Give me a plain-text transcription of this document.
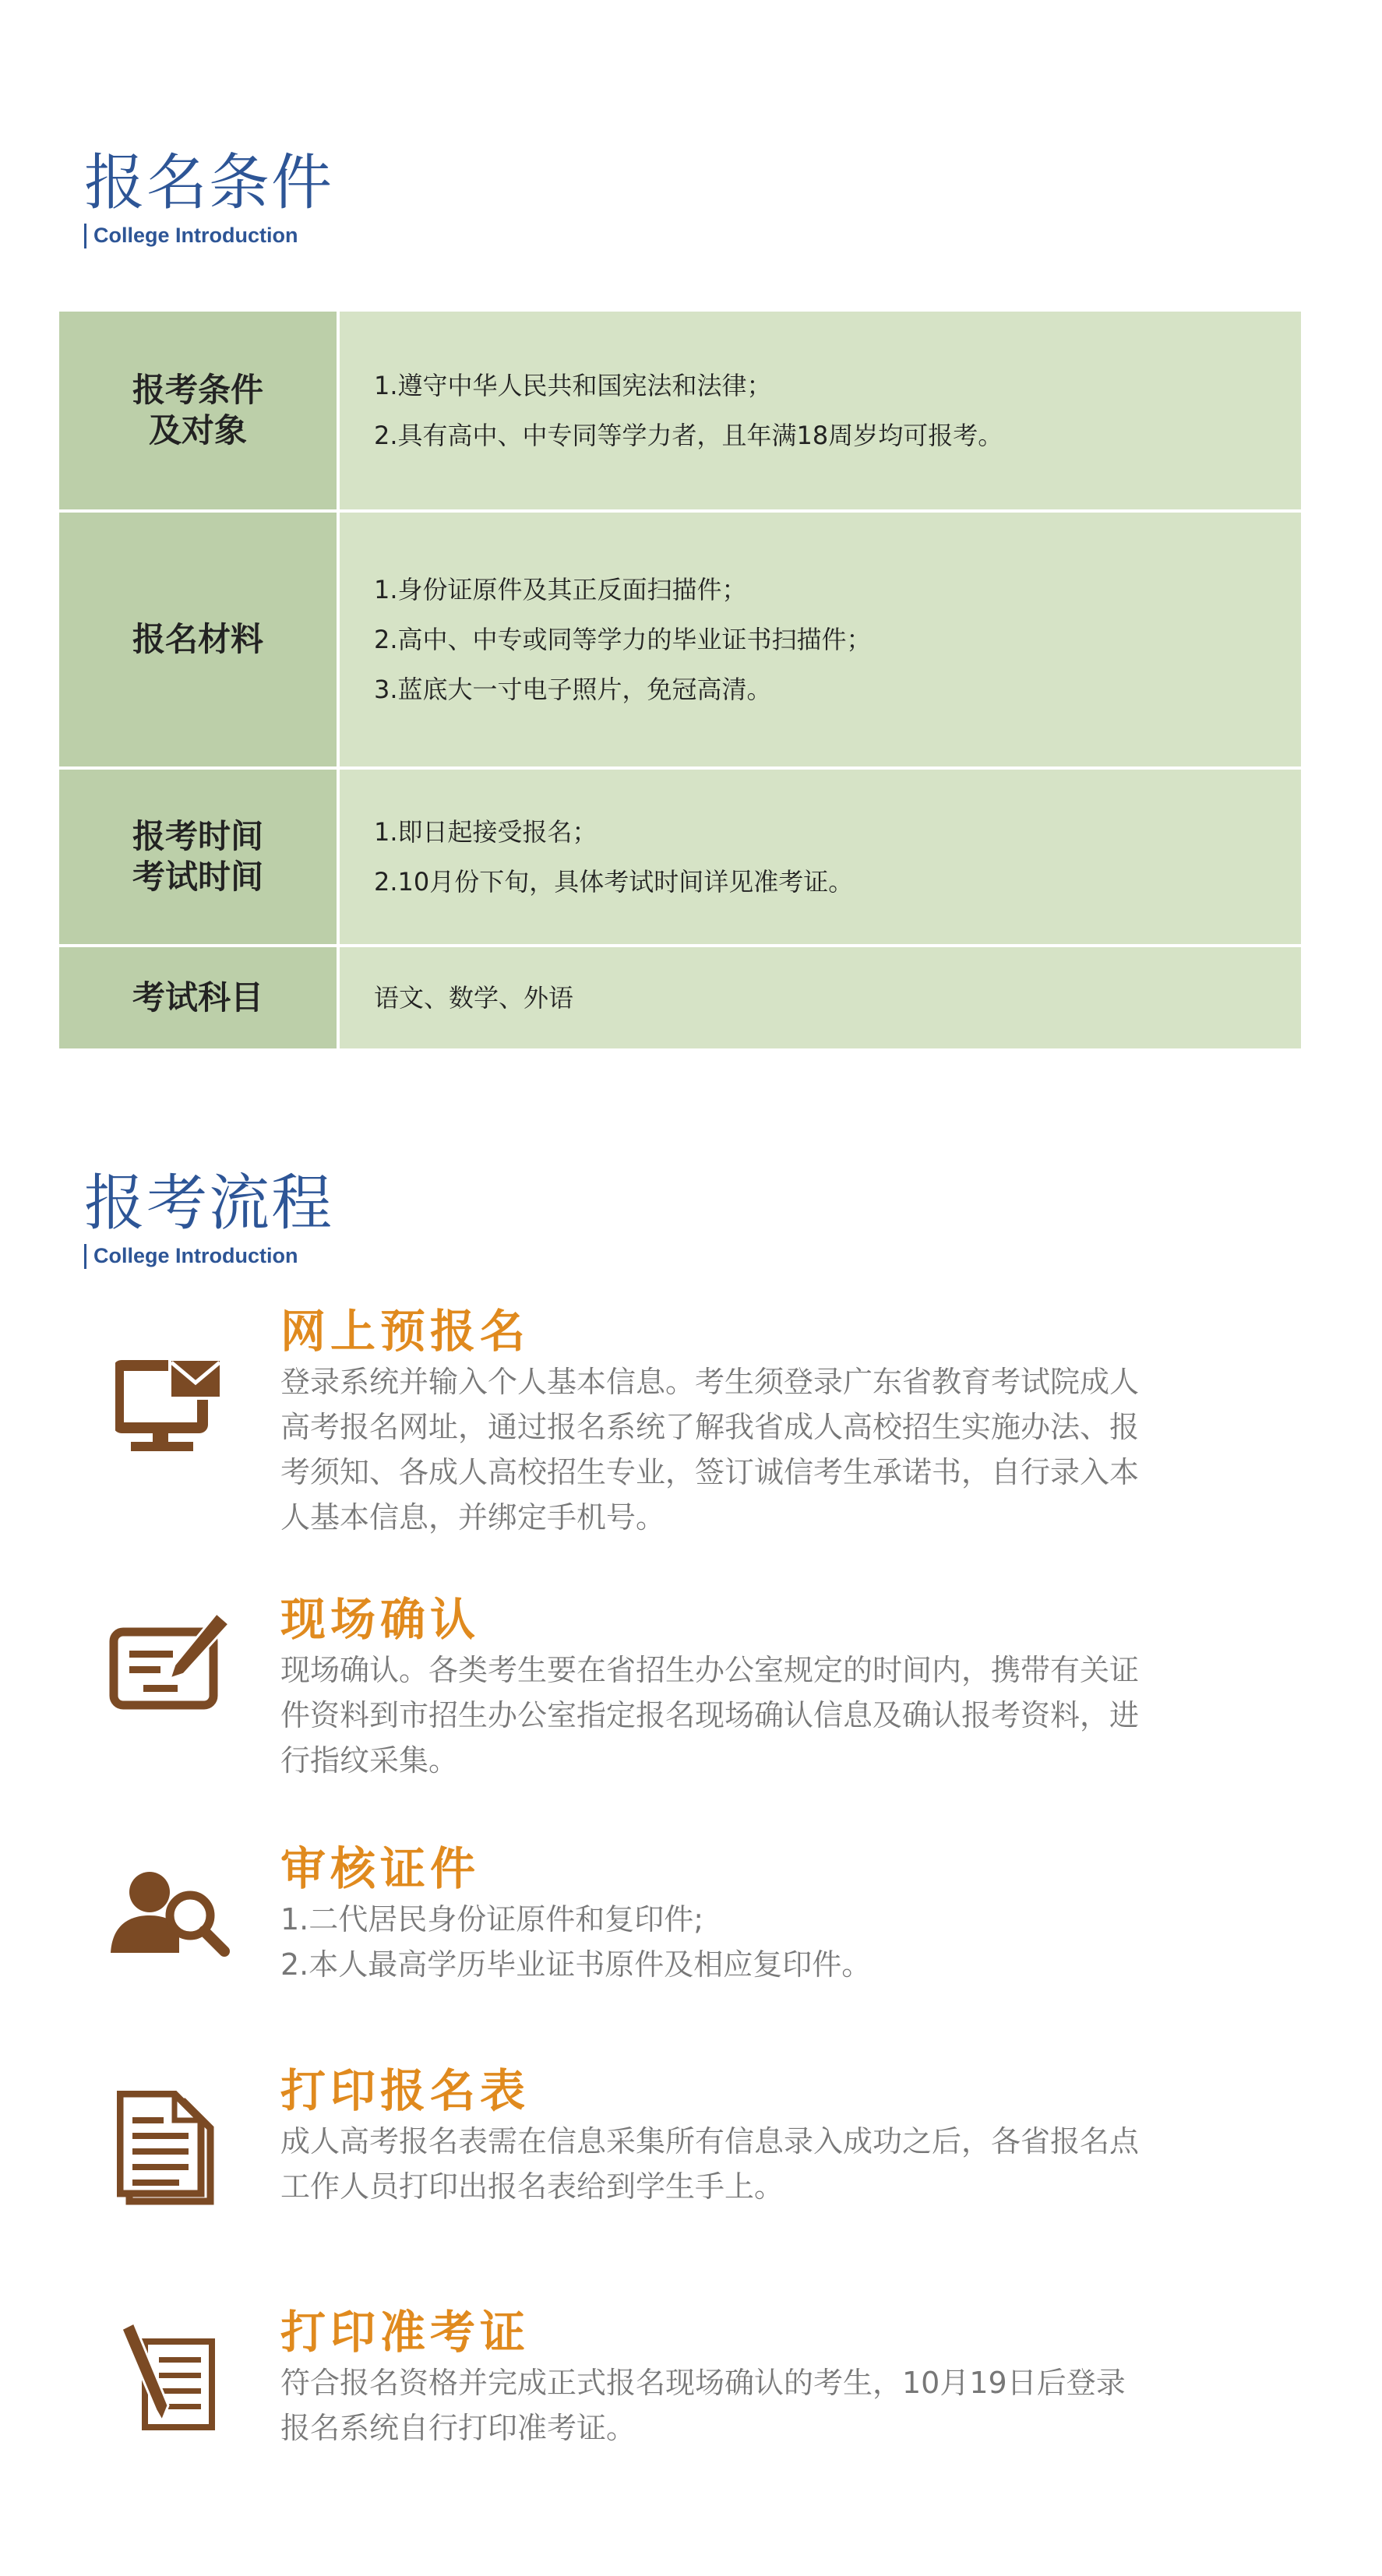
报名条件
College Introduction
报考条件
及对象
1.遵守中华人民共和国宪法和法律；
2.具有高中、中专同等学力者，且年满18周岁均可报考。
报名材料
1.身份证原件及其正反面扫描件；
2.高中、中专或同等学力的毕业证书扫描件；
3.蓝底大一寸电子照片，免冠高清。
报考时间
考试时间
1.即日起接受报名；
2.10月份下旬，具体考试时间详见准考证。
考试科目	语文、数学、外语
报考流程
College Introduction
网上预报名
登录系统并输入个人基本信息。考生须登录广东省教育考试院成人
高考报名网址，通过报名系统了解我省成人高校招生实施办法、报
考须知、各成人高校招生专业，签订诚信考生承诺书，自行录入本
人基本信息，并绑定手机号。
现场确认
现场确认。各类考生要在省招生办公室规定的时间内，携带有关证
件资料到市招生办公室指定报名现场确认信息及确认报考资料，进
行指纹采集。
审核证件
1.二代居民身份证原件和复印件;
2.本人最高学历毕业证书原件及相应复印件。
打印报名表
成人高考报名表需在信息采集所有信息录入成功之后，各省报名点
工作人员打印出报名表给到学生手上。
打印准考证
符合报名资格并完成正式报名现场确认的考生，10月19日后登录
报名系统自行打印准考证。
